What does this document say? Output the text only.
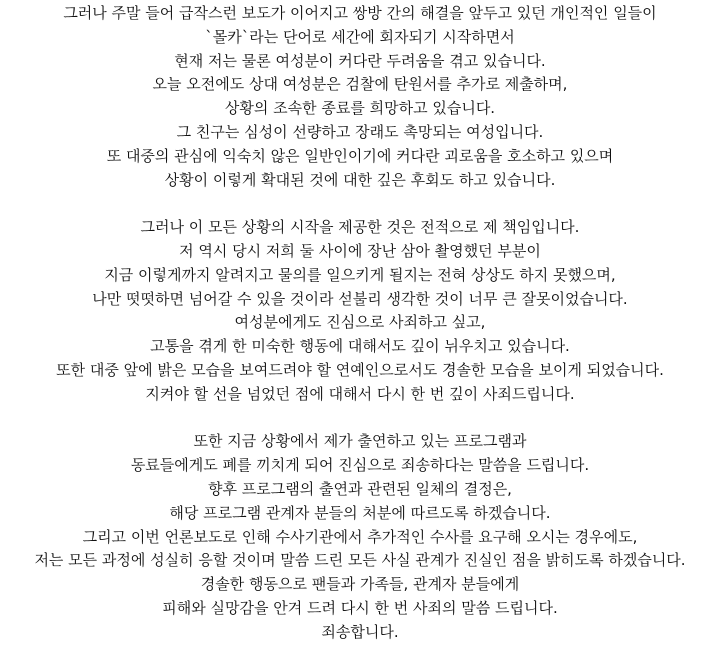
그러나 주말 들어 급작스런 보도가 이어지고 쌍방 간의 해결을 앞두고 있던 개인적인 일들이
`몰카`라는 단어로 세간에 회자되기 시작하면서
현재 저는 물론 여성분이 커다란 두려움을 겪고 있습니다.
오늘 오전에도 상대 여성분은 검찰에 탄원서를 추가로 제출하며,
상황의 조속한 종료를 희망하고 있습니다.
그 친구는 심성이 선량하고 장래도 촉망되는 여성입니다.
또 대중의 관심에 익숙치 않은 일반인이기에 커다란 괴로움을 호소하고 있으며
상황이 이렇게 확대된 것에 대한 깊은 후회도 하고 있습니다.
그러나 이 모든 상황의 시작을 제공한 것은 전적으로 제 책임입니다.
저 역시 당시 저희 둘 사이에 장난 삼아 촬영했던 부분이
지금 이렇게까지 알려지고 물의를 일으키게 될지는 전혀 상상도 하지 못했으며,
나만 떳떳하면 넘어갈 수 있을 것이라 섣불리 생각한 것이 너무 큰 잘못이었습니다.
여성분에게도 진심으로 사죄하고 싶고,
고통을 겪게 한 미숙한 행동에 대해서도 깊이 뉘우치고 있습니다.
또한 대중 앞에 밝은 모습을 보여드려야 할 연예인으로서도 경솔한 모습을 보이게 되었습니다.
지켜야 할 선을 넘었던 점에 대해서 다시 한 번 깊이 사죄드립니다.
또한 지금 상황에서 제가 출연하고 있는 프로그램과
동료들에게도 폐를 끼치게 되어 진심으로 죄송하다는 말씀을 드립니다.
향후 프로그램의 출연과 관련된 일체의 결정은,
해당 프로그램 관계자 분들의 처분에 따르도록 하겠습니다.
그리고 이번 언론보도로 인해 수사기관에서 추가적인 수사를 요구해 오시는 경우에도,
저는 모든 과정에 성실히 응할 것이며 말씀 드린 모든 사실 관계가 진실인 점을 밝히도록 하겠습니다.
경솔한 행동으로 팬들과 가족들, 관계자 분들에게
피해와 실망감을 안겨 드려 다시 한 번 사죄의 말씀 드립니다.
죄송합니다.
